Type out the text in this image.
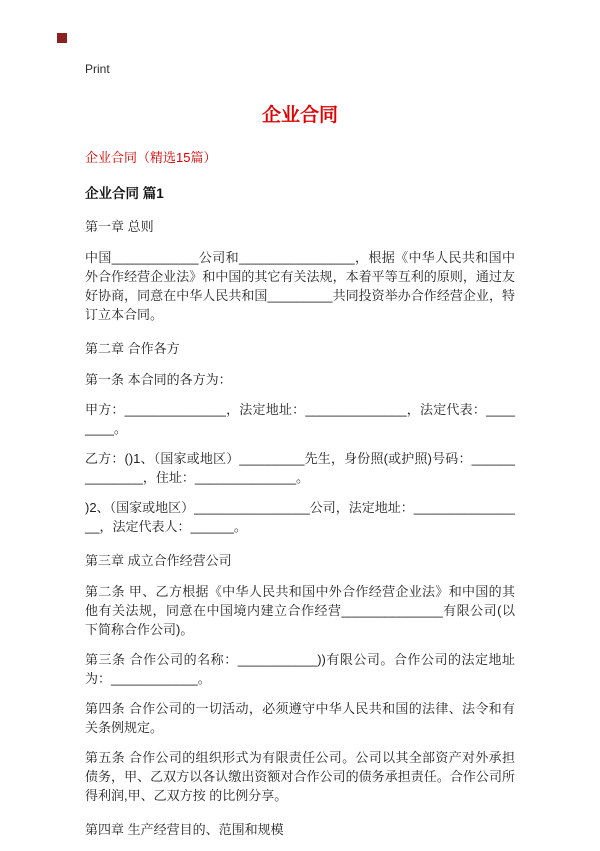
Print
企业合同
企业合同（精选15篇）
企业合同 篇1

第一章 总则

中国____________公司和________________，根据《中华人民共和国中外合作经营企业法》和中国的其它有关法规，本着平等互利的原则，通过友好协商，同意在中华人民共和国_________共同投资举办合作经营企业，特订立本合同。

第二章 合作各方

第一条 本合同的各方为：

甲方：______________，法定地址：______________，法定代表：________。

乙方：()1、（国家或地区）_________先生，身份照(或护照)号码：______________，住址：______________。

)2、（国家或地区）________________公司，法定地址：________________，法定代表人：______。

第三章 成立合作经营公司

第二条 甲、乙方根据《中华人民共和国中外合作经营企业法》和中国的其他有关法规，同意在中国境内建立合作经营______________有限公司(以下简称合作公司)。

第三条 合作公司的名称：___________))有限公司。合作公司的法定地址为：____________。

第四条 合作公司的一切活动，必须遵守中华人民共和国的法律、法令和有关条例规定。

第五条 合作公司的组织形式为有限责任公司。公司以其全部资产对外承担债务，甲、乙双方以各认缴出资额对合作公司的债务承担责任。合作公司所得利润,甲、乙双方按 的比例分享。

第四章 生产经营目的、范围和规模
